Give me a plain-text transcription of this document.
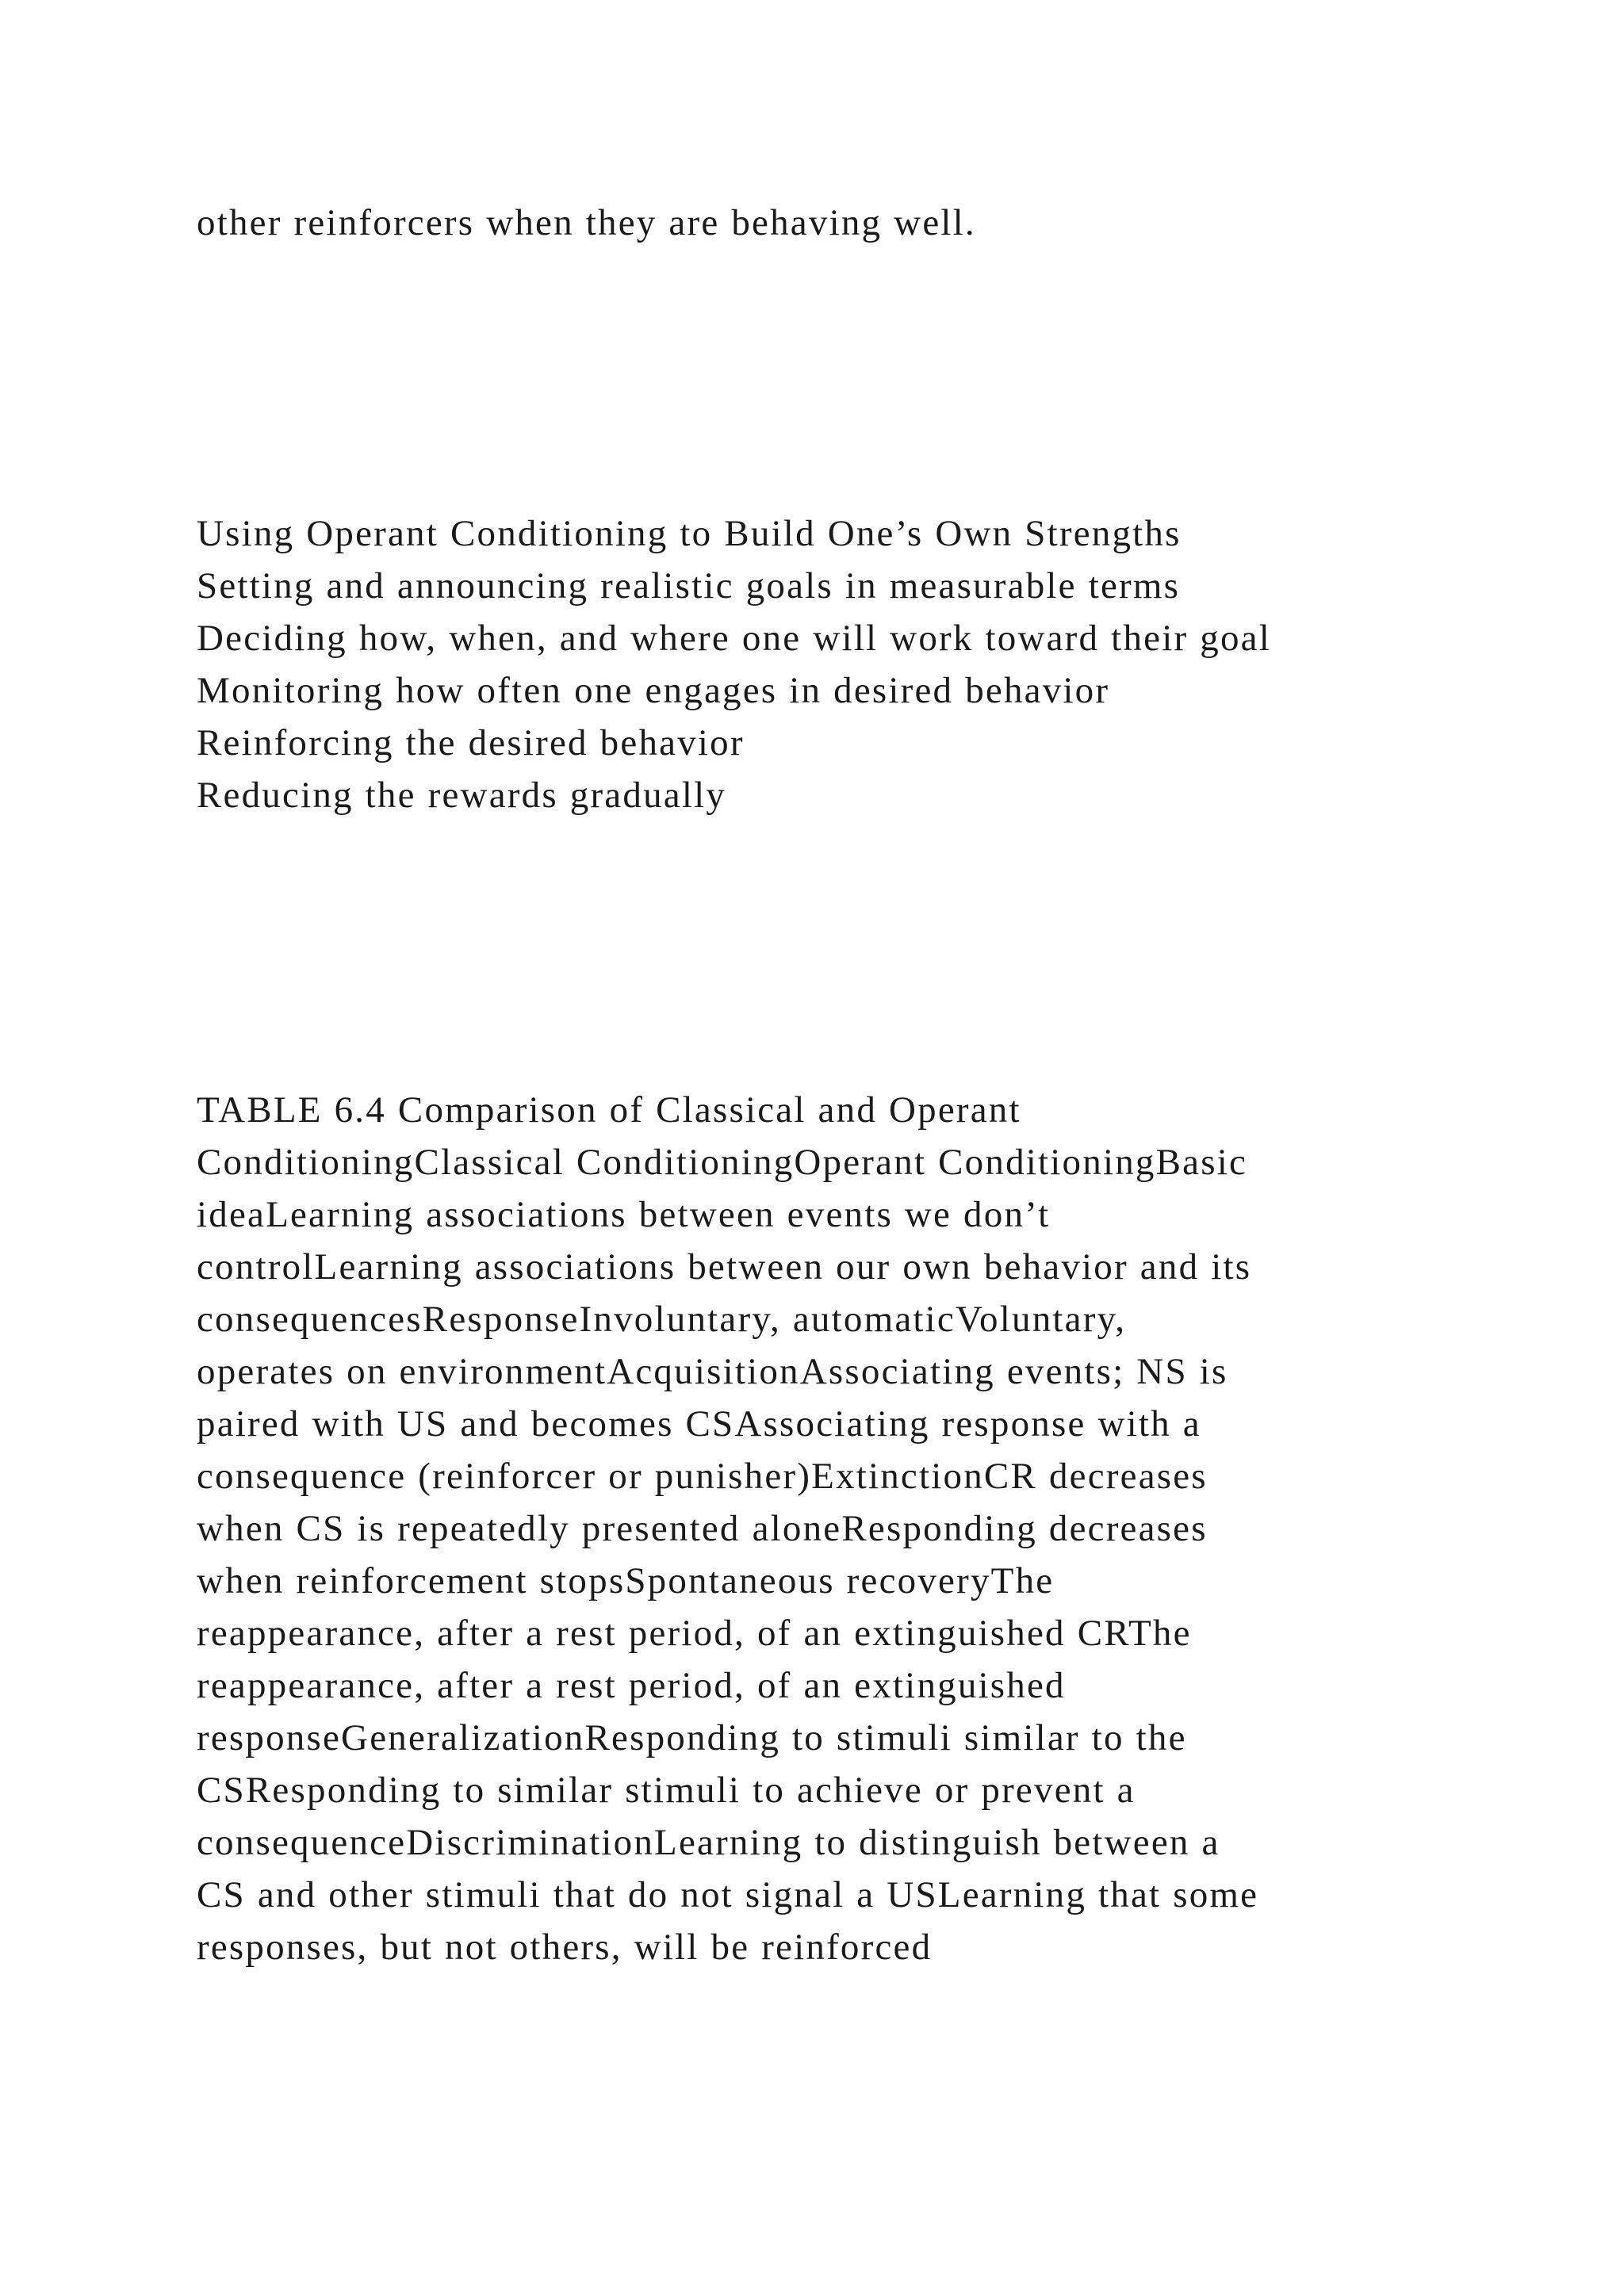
other reinforcers when they are behaving well.
Using Operant Conditioning to Build One’s Own Strengths
Setting and announcing realistic goals in measurable terms
Deciding how, when, and where one will work toward their goal
Monitoring how often one engages in desired behavior
Reinforcing the desired behavior
Reducing the rewards gradually
TABLE 6.4 Comparison of Classical and Operant
ConditioningClassical ConditioningOperant ConditioningBasic
ideaLearning associations between events we don’t
controlLearning associations between our own behavior and its
consequencesResponseInvoluntary, automaticVoluntary,
operates on environmentAcquisitionAssociating events; NS is
paired with US and becomes CSAssociating response with a
consequence (reinforcer or punisher)ExtinctionCR decreases
when CS is repeatedly presented aloneResponding decreases
when reinforcement stopsSpontaneous recoveryThe
reappearance, after a rest period, of an extinguished CRThe
reappearance, after a rest period, of an extinguished
responseGeneralizationResponding to stimuli similar to the
CSResponding to similar stimuli to achieve or prevent a
consequenceDiscriminationLearning to distinguish between a
CS and other stimuli that do not signal a USLearning that some
responses, but not others, will be reinforced
